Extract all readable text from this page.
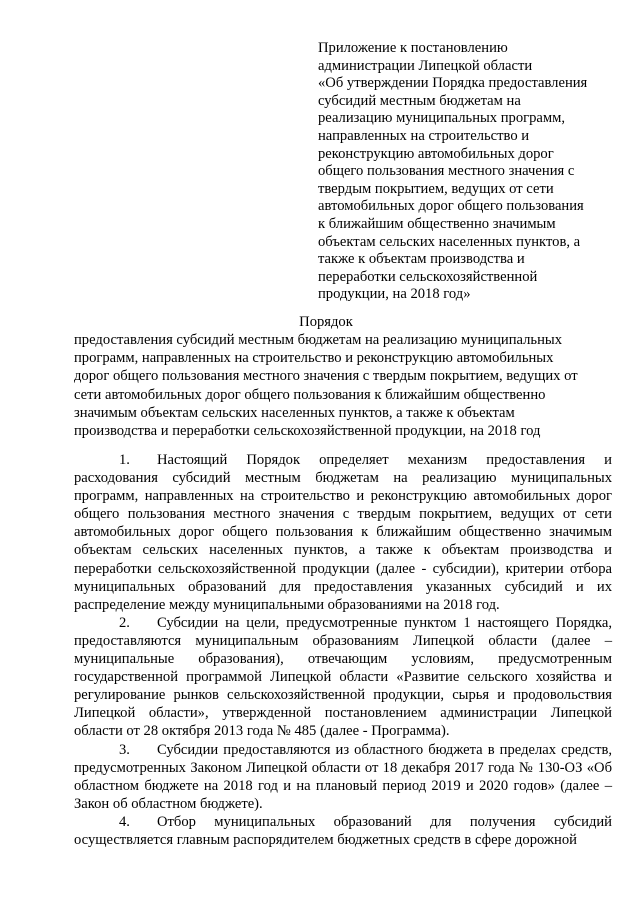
Приложение к постановлению
администрации Липецкой области
«Об утверждении Порядка предоставления
субсидий местным бюджетам на
реализацию муниципальных программ,
направленных на строительство и
реконструкцию автомобильных дорог
общего пользования местного значения с
твердым покрытием, ведущих от сети
автомобильных дорог общего пользования
к ближайшим общественно значимым
объектам сельских населенных пунктов, а
также к объектам производства и
переработки сельскохозяйственной
продукции, на 2018 год»
Порядок
предоставления субсидий местным бюджетам на реализацию муниципальных
программ, направленных на строительство и реконструкцию автомобильных
дорог общего пользования местного значения с твердым покрытием, ведущих от
сети автомобильных дорог общего пользования к ближайшим общественно
значимым объектам сельских населенных пунктов, а также к объектам
производства и переработки сельскохозяйственной продукции, на 2018 год

1. Настоящий Порядок определяет механизм предоставления и расходования субсидий местным бюджетам на реализацию муниципальных программ, направленных на строительство и реконструкцию автомобильных дорог общего пользования местного значения с твердым покрытием, ведущих от сети автомобильных дорог общего пользования к ближайшим общественно значимым объектам сельских населенных пунктов, а также к объектам производства и переработки сельскохозяйственной продукции (далее - субсидии), критерии отбора муниципальных образований для предоставления указанных субсидий и их распределение между муниципальными образованиями на 2018 год.

2. Субсидии на цели, предусмотренные пунктом 1 настоящего Порядка, предоставляются муниципальным образованиям Липецкой области (далее – муниципальные образования), отвечающим условиям, предусмотренным государственной программой Липецкой области «Развитие сельского хозяйства и регулирование рынков сельскохозяйственной продукции, сырья и продовольствия Липецкой области», утвержденной постановлением администрации Липецкой области от 28 октября 2013 года № 485 (далее - Программа).

3. Субсидии предоставляются из областного бюджета в пределах средств, предусмотренных Законом Липецкой области от 18 декабря 2017 года № 130-ОЗ «Об областном бюджете на 2018 год и на плановый период 2019 и 2020 годов» (далее – Закон об областном бюджете).

4. Отбор муниципальных образований для получения субсидий осуществляется главным распорядителем бюджетных средств в сфере дорожной
